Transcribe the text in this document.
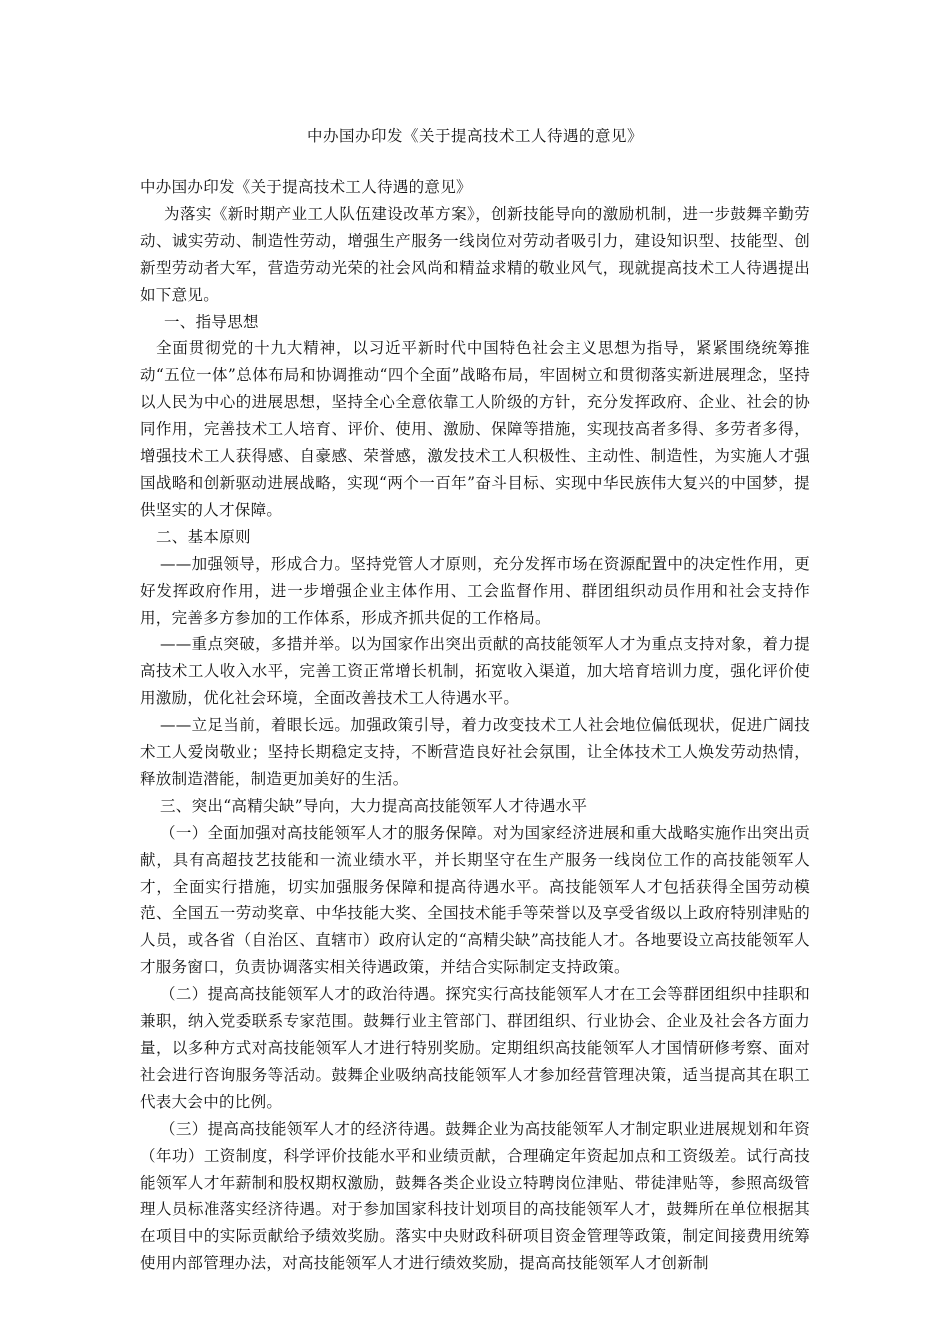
中办国办印发《关于提高技术工人待遇的意见》

中办国办印发《关于提高技术工人待遇的意见》

为落实《新时期产业工人队伍建设改革方案》，创新技能导向的激励机制，进一步鼓舞辛勤劳动、诚实劳动、制造性劳动，增强生产服务一线岗位对劳动者吸引力，建设知识型、技能型、创新型劳动者大军，营造劳动光荣的社会风尚和精益求精的敬业风气，现就提高技术工人待遇提出如下意见。

一、指导思想

全面贯彻党的十九大精神，以习近平新时代中国特色社会主义思想为指导，紧紧围绕统筹推动“五位一体”总体布局和协调推动“四个全面”战略布局，牢固树立和贯彻落实新进展理念，坚持以人民为中心的进展思想，坚持全心全意依靠工人阶级的方针，充分发挥政府、企业、社会的协同作用，完善技术工人培育、评价、使用、激励、保障等措施，实现技高者多得、多劳者多得，增强技术工人获得感、自豪感、荣誉感，激发技术工人积极性、主动性、制造性，为实施人才强国战略和创新驱动进展战略，实现“两个一百年”奋斗目标、实现中华民族伟大复兴的中国梦，提供坚实的人才保障。

二、基本原则

——加强领导，形成合力。坚持党管人才原则，充分发挥市场在资源配置中的决定性作用，更好发挥政府作用，进一步增强企业主体作用、工会监督作用、群团组织动员作用和社会支持作用，完善多方参加的工作体系，形成齐抓共促的工作格局。

——重点突破，多措并举。以为国家作出突出贡献的高技能领军人才为重点支持对象，着力提高技术工人收入水平，完善工资正常增长机制，拓宽收入渠道，加大培育培训力度，强化评价使用激励，优化社会环境，全面改善技术工人待遇水平。

——立足当前，着眼长远。加强政策引导，着力改变技术工人社会地位偏低现状，促进广阔技术工人爱岗敬业；坚持长期稳定支持，不断营造良好社会氛围，让全体技术工人焕发劳动热情，释放制造潜能，制造更加美好的生活。

三、突出“高精尖缺”导向，大力提高高技能领军人才待遇水平

（一）全面加强对高技能领军人才的服务保障。对为国家经济进展和重大战略实施作出突出贡献，具有高超技艺技能和一流业绩水平，并长期坚守在生产服务一线岗位工作的高技能领军人才，全面实行措施，切实加强服务保障和提高待遇水平。高技能领军人才包括获得全国劳动模范、全国五一劳动奖章、中华技能大奖、全国技术能手等荣誉以及享受省级以上政府特别津贴的人员，或各省（自治区、直辖市）政府认定的“高精尖缺”高技能人才。各地要设立高技能领军人才服务窗口，负责协调落实相关待遇政策，并结合实际制定支持政策。

（二）提高高技能领军人才的政治待遇。探究实行高技能领军人才在工会等群团组织中挂职和兼职，纳入党委联系专家范围。鼓舞行业主管部门、群团组织、行业协会、企业及社会各方面力量，以多种方式对高技能领军人才进行特别奖励。定期组织高技能领军人才国情研修考察、面对社会进行咨询服务等活动。鼓舞企业吸纳高技能领军人才参加经营管理决策，适当提高其在职工代表大会中的比例。

（三）提高高技能领军人才的经济待遇。鼓舞企业为高技能领军人才制定职业进展规划和年资（年功）工资制度，科学评价技能水平和业绩贡献，合理确定年资起加点和工资级差。试行高技能领军人才年薪制和股权期权激励，鼓舞各类企业设立特聘岗位津贴、带徒津贴等，参照高级管理人员标准落实经济待遇。对于参加国家科技计划项目的高技能领军人才，鼓舞所在单位根据其在项目中的实际贡献给予绩效奖励。落实中央财政科研项目资金管理等政策，制定间接费用统筹使用内部管理办法，对高技能领军人才进行绩效奖励，提高高技能领军人才创新制
